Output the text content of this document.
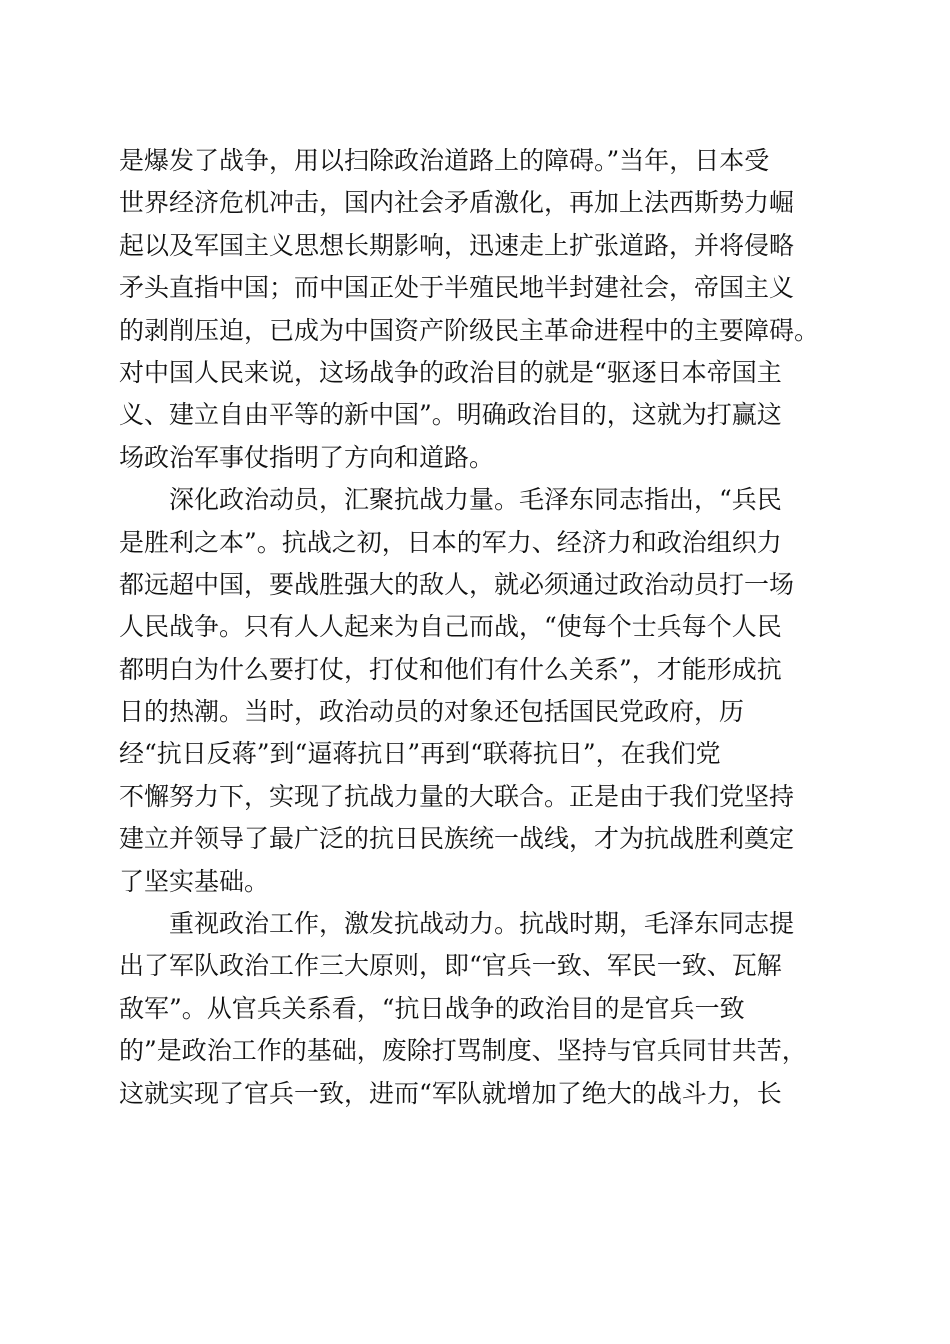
是爆发了战争，用以扫除政治道路上的障碍。”当年，日本受
世界经济危机冲击，国内社会矛盾激化，再加上法西斯势力崛
起以及军国主义思想长期影响，迅速走上扩张道路，并将侵略
矛头直指中国；而中国正处于半殖民地半封建社会，帝国主义
的剥削压迫，已成为中国资产阶级民主革命进程中的主要障碍。
对中国人民来说，这场战争的政治目的就是“驱逐日本帝国主
义、建立自由平等的新中国”。明确政治目的，这就为打赢这
场政治军事仗指明了方向和道路。
　　深化政治动员，汇聚抗战力量。毛泽东同志指出，“兵民
是胜利之本”。抗战之初，日本的军力、经济力和政治组织力
都远超中国，要战胜强大的敌人，就必须通过政治动员打一场
人民战争。只有人人起来为自己而战，“使每个士兵每个人民
都明白为什么要打仗，打仗和他们有什么关系”，才能形成抗
日的热潮。当时，政治动员的对象还包括国民党政府，历
经“抗日反蒋”到“逼蒋抗日”再到“联蒋抗日”，在我们党
不懈努力下，实现了抗战力量的大联合。正是由于我们党坚持
建立并领导了最广泛的抗日民族统一战线，才为抗战胜利奠定
了坚实基础。
　　重视政治工作，激发抗战动力。抗战时期，毛泽东同志提
出了军队政治工作三大原则，即“官兵一致、军民一致、瓦解
敌军”。从官兵关系看，“抗日战争的政治目的是官兵一致
的”是政治工作的基础，废除打骂制度、坚持与官兵同甘共苦，
这就实现了官兵一致，进而“军队就增加了绝大的战斗力，长
